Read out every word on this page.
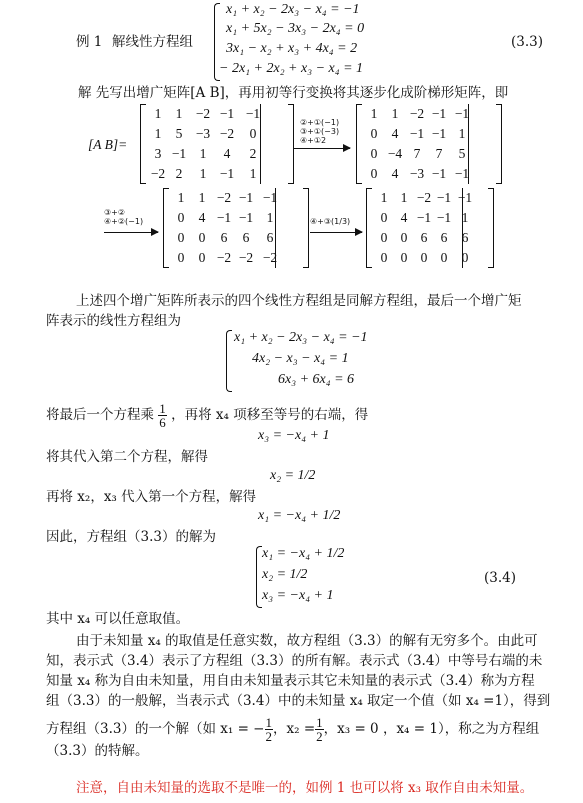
例 1 解线性方程组
x₁ + x₂ − 2x₃ − x₄ = −1
x₁ + 5x₂ − 3x₃ − 2x₄ = 0
3x₁ − x₂ + x₃ + 4x₄ = 2
− 2x₁ + 2x₂ + x₃ − x₄ = 1
(3.3)
解 先写出增广矩阵[A B]，再用初等行变换将其逐步化成阶梯形矩阵，即
[A B]=
1	1	−2	−1	−1
1	5	−3	−2	0
3	−1	1	4	2
−2	2	1	−1	1
②+①(−1)
③+①(−3)
④+①2
1	1	−2	−1	−1
0	4	−1	−1	1
0	−4	7	7	5
0	4	−3	−1	−1
③+②
④+②(−1)
1	1	−2	−1	−1
0	4	−1	−1	1
0	0	6	6	6
0	0	−2	−2	−2
④+③(1/3)
1	1	−2	−1	−1
0	4	−1	−1	1
0	0	6	6	6
0	0	0	0	0
上述四个增广矩阵所表示的四个线性方程组是同解方程组，最后一个增广矩
阵表示的线性方程组为
x₁ + x₂ − 2x₃ − x₄ = −1
4x₂ − x₃ − x₄ = 1
6x₃ + 6x₄ = 6
将最后一个方程乘 $\frac{1}{6}$ ，再将 x₄ 项移至等号的右端，得
x₃ = −x₄ + 1
将其代入第二个方程，解得
x₂ = 1/2
再将 x₂，x₃ 代入第一个方程，解得
x₁ = −x₄ + 1/2
因此，方程组（3.3）的解为
x₁ = −x₄ + 1/2
x₂ = 1/2
x₃ = −x₄ + 1
(3.4)
其中 x₄ 可以任意取值。
由于未知量 x₄ 的取值是任意实数，故方程组（3.3）的解有无穷多个。由此可
知，表示式（3.4）表示了方程组（3.3）的所有解。表示式（3.4）中等号右端的未
知量 x₄ 称为自由未知量，用自由未知量表示其它未知量的表示式（3.4）称为方程
组（3.3）的一般解，当表示式（3.4）中的未知量 x₄ 取定一个值（如 x₄ =1），得到
方程组（3.3）的一个解（如 x₁ = − $\frac{1}{2}$ ，$x_2 = \frac{1}{2}$ ，x₃ = 0 ，x₄ = 1），称之为方程组
（3.3）的特解。
注意，自由未知量的选取不是唯一的，如例 1 也可以将 x₃ 取作自由未知量。
